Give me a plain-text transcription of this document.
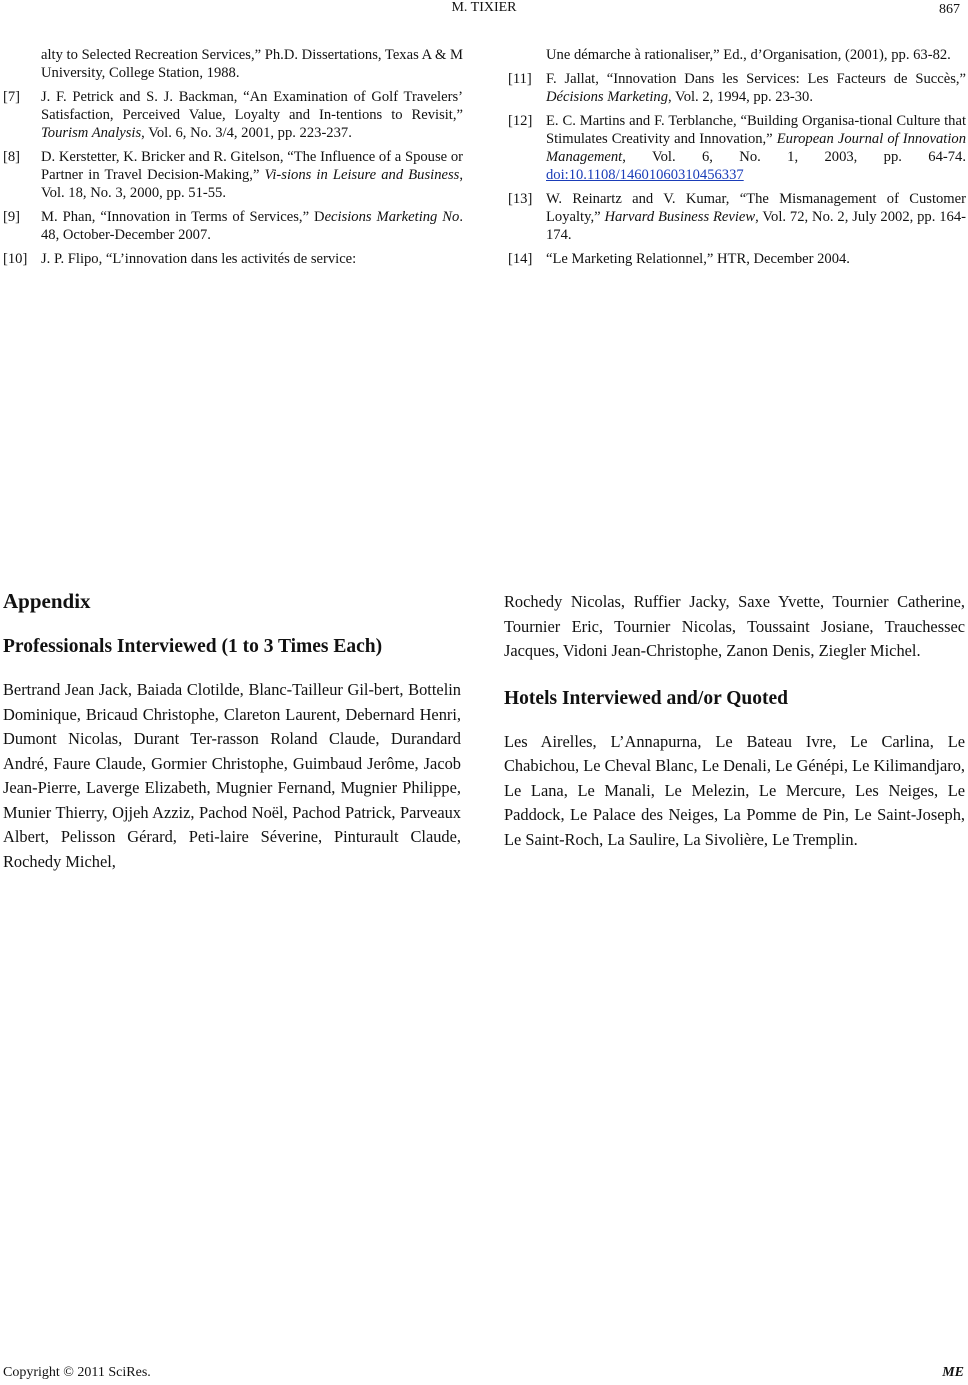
M. TIXIER	867
alty to Selected Recreation Services,” Ph.D. Dissertations, Texas A & M University, College Station, 1988.
[7] J. F. Petrick and S. J. Backman, “An Examination of Golf Travelers’ Satisfaction, Perceived Value, Loyalty and In-tentions to Revisit,” Tourism Analysis, Vol. 6, No. 3/4, 2001, pp. 223-237.
[8] D. Kerstetter, K. Bricker and R. Gitelson, “The Influence of a Spouse or Partner in Travel Decision-Making,” Vi-sions in Leisure and Business, Vol. 18, No. 3, 2000, pp. 51-55.
[9] M. Phan, “Innovation in Terms of Services,” Decisions Marketing No. 48, October-December 2007.
[10] J. P. Flipo, “L’innovation dans les activités de service:
Une démarche à rationaliser,” Ed., d’Organisation, (2001), pp. 63-82.
[11] F. Jallat, “Innovation Dans les Services: Les Facteurs de Succès,” Décisions Marketing, Vol. 2, 1994, pp. 23-30.
[12] E. C. Martins and F. Terblanche, “Building Organisa-tional Culture that Stimulates Creativity and Innovation,” European Journal of Innovation Management, Vol. 6, No. 1, 2003, pp. 64-74. doi:10.1108/14601060310456337
[13] W. Reinartz and V. Kumar, “The Mismanagement of Customer Loyalty,” Harvard Business Review, Vol. 72, No. 2, July 2002, pp. 164-174.
[14] “Le Marketing Relationnel,” HTR, December 2004.
Appendix
Professionals Interviewed (1 to 3 Times Each)
Bertrand Jean Jack, Baiada Clotilde, Blanc-Tailleur Gil-bert, Bottelin Dominique, Bricaud Christophe, Clareton Laurent, Debernard Henri, Dumont Nicolas, Durant Ter-rasson Roland Claude, Durandard André, Faure Claude, Gormier Christophe, Guimbaud Jerôme, Jacob Jean-Pierre, Laverge Elizabeth, Mugnier Fernand, Mugnier Philippe, Munier Thierry, Ojjeh Azziz, Pachod Noël, Pachod Patrick, Parveaux Albert, Pelisson Gérard, Peti-laire Séverine, Pinturault Claude, Rochedy Michel,
Rochedy Nicolas, Ruffier Jacky, Saxe Yvette, Tournier Catherine, Tournier Eric, Tournier Nicolas, Toussaint Josiane, Trauchessec Jacques, Vidoni Jean-Christophe, Zanon Denis, Ziegler Michel.
Hotels Interviewed and/or Quoted
Les Airelles, L’Annapurna, Le Bateau Ivre, Le Carlina, Le Chabichou, Le Cheval Blanc, Le Denali, Le Génépi, Le Kilimandjaro, Le Lana, Le Manali, Le Melezin, Le Mercure, Les Neiges, Le Paddock, Le Palace des Neiges, La Pomme de Pin, Le Saint-Joseph, Le Saint-Roch, La Saulire, La Sivolière, Le Tremplin.
Copyright © 2011 SciRes.	ME
